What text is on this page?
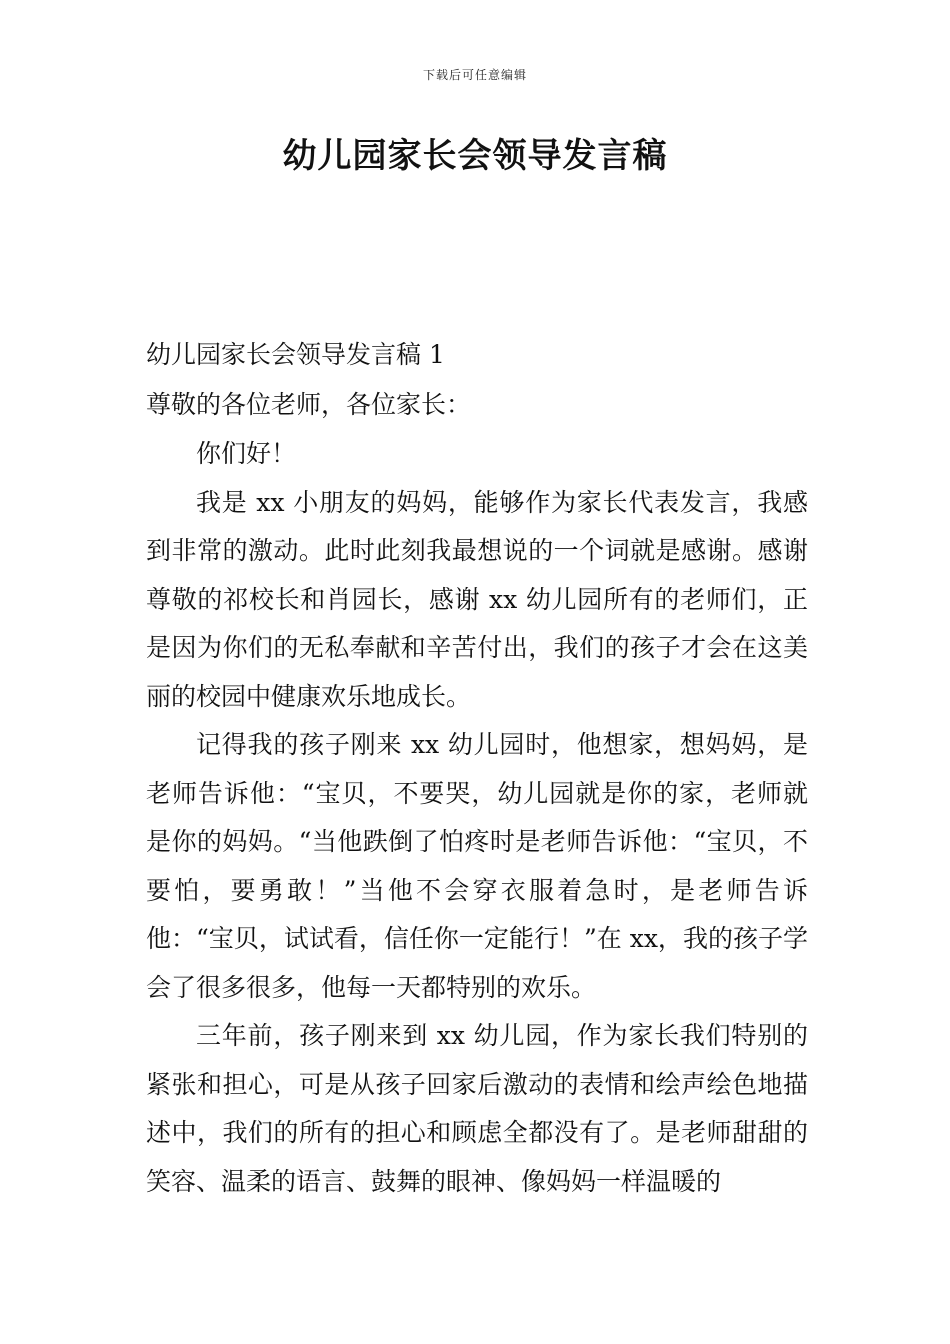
下载后可任意编辑
幼儿园家长会领导发言稿

幼儿园家长会领导发言稿 1

尊敬的各位老师，各位家长：

你们好！

我是 xx 小朋友的妈妈，能够作为家长代表发言，我感到非常的激动。此时此刻我最想说的一个词就是感谢。感谢尊敬的祁校长和肖园长，感谢 xx 幼儿园所有的老师们，正是因为你们的无私奉献和辛苦付出，我们的孩子才会在这美丽的校园中健康欢乐地成长。

记得我的孩子刚来 xx 幼儿园时，他想家，想妈妈，是老师告诉他：“宝贝，不要哭，幼儿园就是你的家，老师就是你的妈妈。“当他跌倒了怕疼时是老师告诉他：“宝贝，不要怕，要勇敢！”当他不会穿衣服着急时，是老师告诉他：“宝贝，试试看，信任你一定能行！”在 xx，我的孩子学会了很多很多，他每一天都特别的欢乐。

三年前，孩子刚来到 xx 幼儿园，作为家长我们特别的紧张和担心，可是从孩子回家后激动的表情和绘声绘色地描述中，我们的所有的担心和顾虑全都没有了。是老师甜甜的笑容、温柔的语言、鼓舞的眼神、像妈妈一样温暖的
